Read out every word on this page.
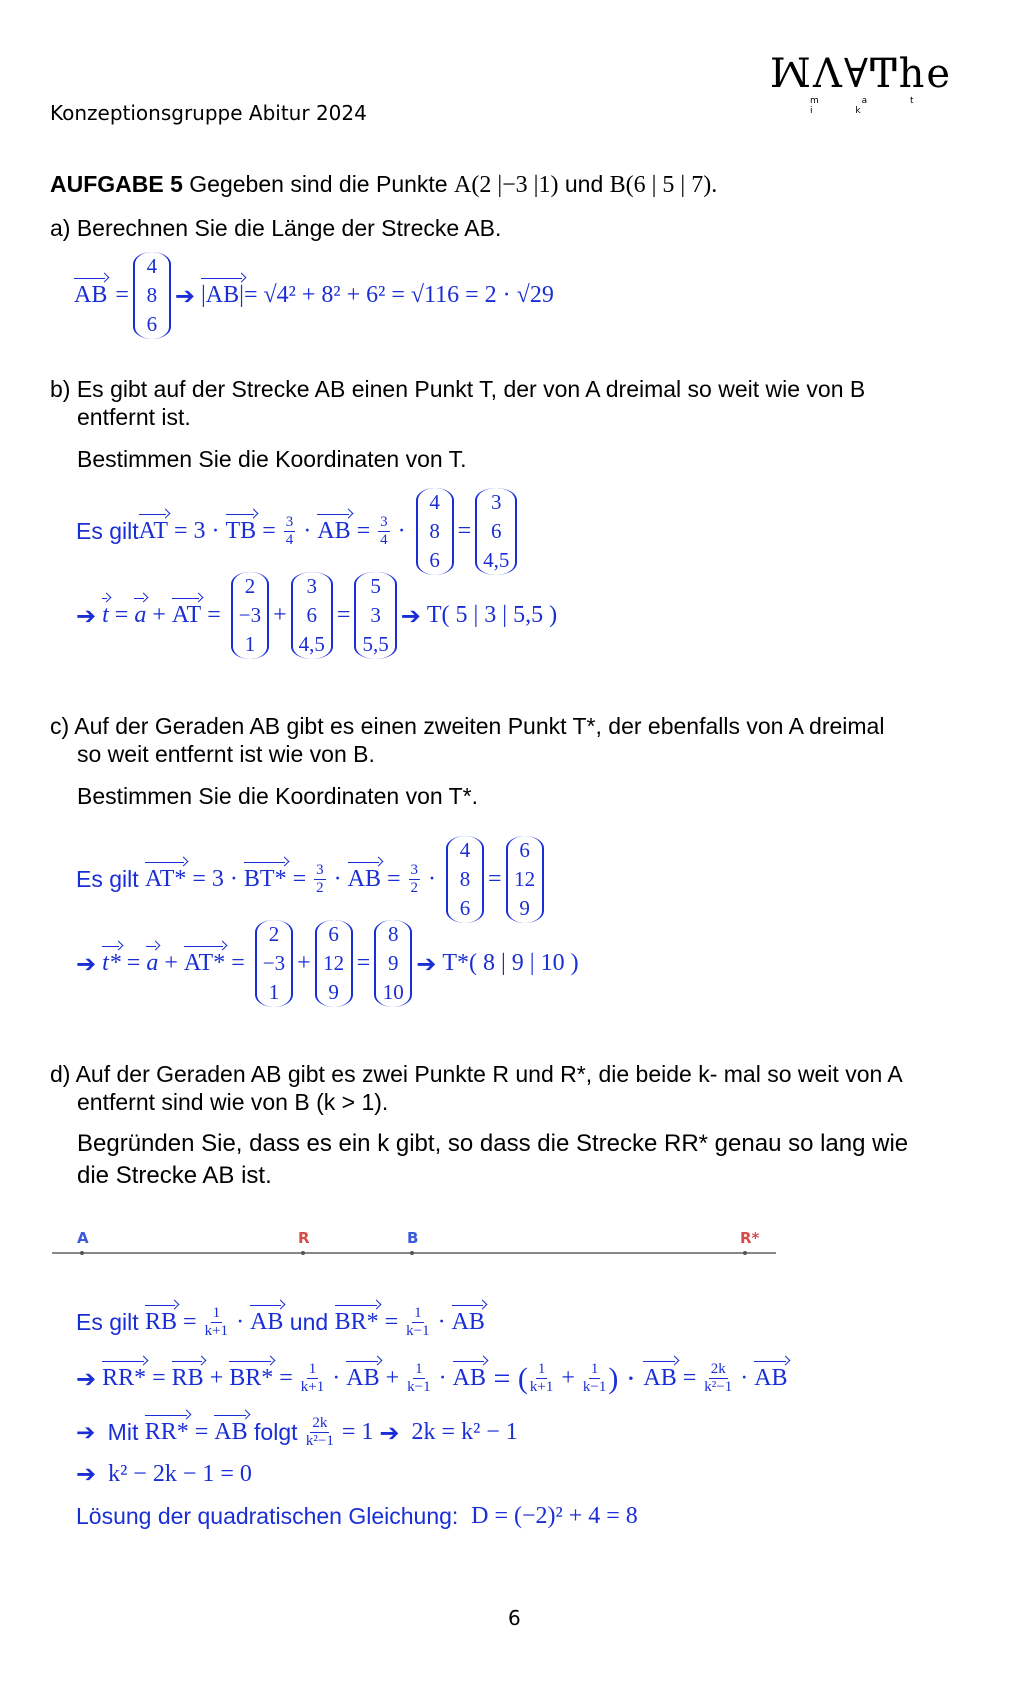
Konzeptionsgruppe Abitur 2024
ꟽΛ∀Ͳhe
m a t i k
AUFGABE 5 Gegeben sind die Punkte A(2 |−3 |1) und B(6 | 5 | 7).
a) Berechnen Sie die Länge der Strecke AB.
AB =
4
8
6
➔ |AB| = √4² + 8² + 6² = √116 = 2 · √29
b) Es gibt auf der Strecke AB einen Punkt T, der von A dreimal so weit wie von B
entfernt ist.
Bestimmen Sie die Koordinaten von T.
Es gilt AT = 3 · TB = $\frac{3}{4}$ · AB = $\frac{3}{4}$ ·
4
8
6
=
3
6
4,5
➔ t = a + AT =
2
−3
1
+
3
6
4,5
=
5
3
5,5
➔ T( 5 | 3 | 5,5 )
c) Auf der Geraden AB gibt es einen zweiten Punkt T*, der ebenfalls von A dreimal
so weit entfernt ist wie von B.
Bestimmen Sie die Koordinaten von T*.
Es gilt $AT* = 3 \cdot BT* = \frac{3}{2}$ · AB = $\frac{3}{2}$ ·
4
8
6
=
6
12
9
➔ t* = a + AT* =
2
−3
1
+
6
12
9
=
8
9
10
➔ T*( 8 | 9 | 10 )
d) Auf der Geraden AB gibt es zwei Punkte R und R*, die beide k- mal so weit von A
entfernt sind wie von B (k > 1).
Begründen Sie, dass es ein k gibt, so dass die Strecke RR* genau so lang wie
die Strecke AB ist.
A	R	B	R*
Es gilt RB = $\frac{1}{k+1}$ · AB und $BR* = \frac{1}{k-1}$ · AB
➔ RR* = RB + $BR* = \frac{1}{k+1}$ · AB + $\frac{1}{k-1}$ · AB = ( $\frac{1}{k+1} + \frac{1}{k-1}$ ) · AB = $\frac{2k}{\text{k²−1}}$ · AB
➔ Mit RR* = AB folgt $\frac{2k}{\text{k²−1}} = 1$ ➔ 2k = k² − 1
➔ k² − 2k − 1 = 0
Lösung der quadratischen Gleichung: D = (−2)² + 4 = 8
6
